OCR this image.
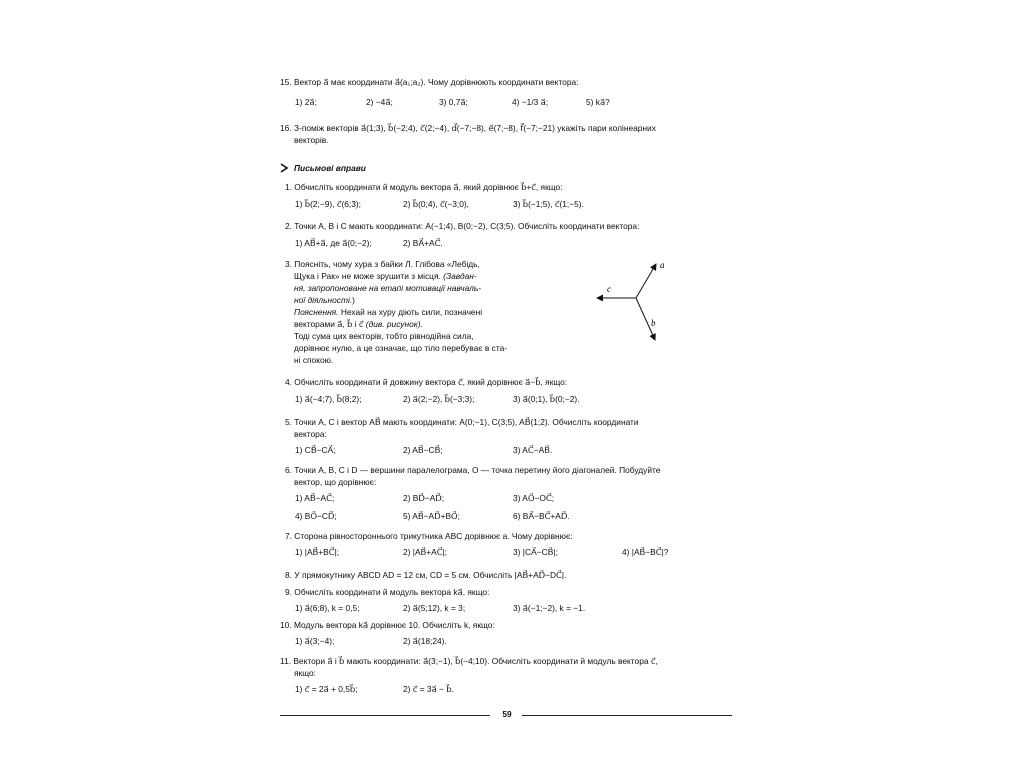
15. Вектор a⃗ має координати a⃗(a₁;a₂). Чому дорівнюють координати вектора:
1) 2a⃗;	2) −4a⃗;	3) 0,7a⃗;	4) −1/3 a⃗;	5) ka⃗?
16. З-поміж векторів a⃗(1;3), b⃗(−2;4), c⃗(2;−4), d⃗(−7;−8), e⃗(7;−8), f⃗(−7;−21) укажіть пари колінеарних
векторів.
Письмові вправи
1. Обчисліть координати й модуль вектора a⃗, який дорівнює b⃗+c⃗, якщо:
1) b⃗(2;−9), c⃗(6;3);	2) b⃗(0;4), c⃗(−3;0),	3) b⃗(−1;5), c⃗(1;−5).
2. Точки A, B і C мають координати: A(−1;4), B(0;−2), C(3;5). Обчисліть координати вектора:
1) AB⃗+a⃗, де a⃗(0;−2);	2) BA⃗+AC⃗.
3. Поясніть, чому хура з байки Л. Глібова «Лебідь,
Щука і Рак» не може зрушити з місця. (Завдан-
ня, запропоноване на етапі мотивації навчаль-
ної діяльності.)
Пояснення. Нехай на хуру діють сили, позначені
векторами a⃗, b⃗ і c⃗ (див. рисунок).
Тоді сума цих векторів, тобто рівнодійна сила,
дорівнює нулю, а це означає, що тіло перебуває в ста-
ні спокою.
a⃗
b⃗
c⃗
4. Обчисліть координати й довжину вектора c⃗, який дорівнює a⃗−b⃗, якщо:
1) a⃗(−4;7), b⃗(8;2);	2) a⃗(2;−2), b⃗(−3;3);	3) a⃗(0;1), b⃗(0;−2).
5. Точки A, C і вектор AB⃗ мають координати: A(0;−1), C(3;5), AB⃗(1;2). Обчисліть координати
вектора:
1) CB⃗−CA⃗;	2) AB⃗−CB⃗;	3) AC⃗−AB⃗.
6. Точки A, B, C і D — вершини паралелограма, O — точка перетину його діагоналей. Побудуйте
вектор, що дорівнює:
1) AB⃗−AC⃗;	2) BD⃗−AD⃗;	3) AO⃗−OC⃗;
4) BO⃗−CD⃗;	5) AB⃗−AD⃗+BO⃗;	6) BA⃗−BC⃗+AD⃗.
7. Сторона рівностороннього трикутника ABC дорівнює a. Чому дорівнює:
1) |AB⃗+BC⃗|;	2) |AB⃗+AC⃗|;	3) |CA⃗−CB⃗|;	4) |AB⃗−BC⃗|?
8. У прямокутнику ABCD AD = 12 см, CD = 5 см. Обчисліть |AB⃗+AD⃗−DC⃗|.
9. Обчисліть координати й модуль вектора ka⃗, якщо:
1) a⃗(6;8), k = 0,5;	2) a⃗(5;12), k = 3;	3) a⃗(−1;−2), k = −1.
10. Модуль вектора ka⃗ дорівнює 10. Обчисліть k, якщо:
1) a⃗(3;−4);	2) a⃗(18;24).
11. Вектори a⃗ і b⃗ мають координати: a⃗(3;−1), b⃗(−4;10). Обчисліть координати й модуль вектора c⃗,
якщо:
1) c⃗ = 2a⃗ + 0,5b⃗;	2) c⃗ = 3a⃗ − b⃗.
59
